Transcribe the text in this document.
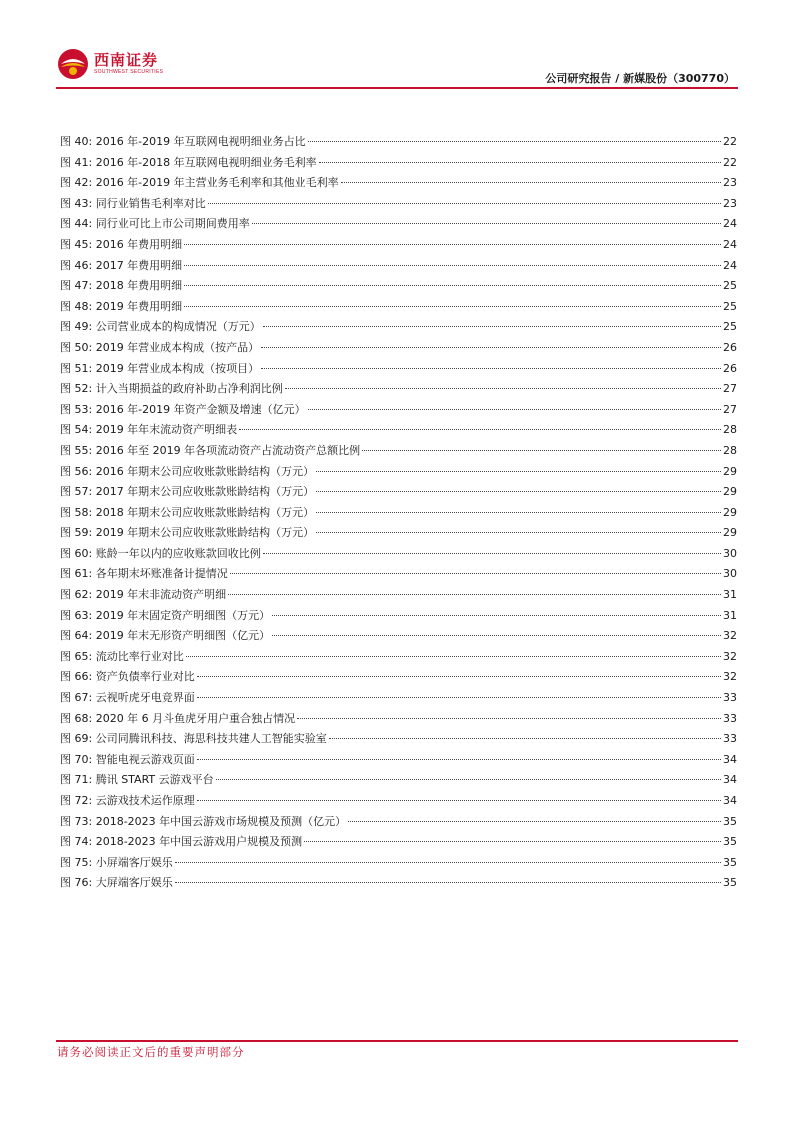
西南证券
SOUTHWEST SECURITIES	公司研究报告 / 新媒股份（300770）
图 40: 2016 年-2019 年互联网电视明细业务占比	22
图 41: 2016 年-2018 年互联网电视明细业务毛利率	22
图 42: 2016 年-2019 年主营业务毛利率和其他业毛利率	23
图 43: 同行业销售毛利率对比	23
图 44: 同行业可比上市公司期间费用率	24
图 45: 2016 年费用明细	24
图 46: 2017 年费用明细	24
图 47: 2018 年费用明细	25
图 48: 2019 年费用明细	25
图 49: 公司营业成本的构成情况（万元）	25
图 50: 2019 年营业成本构成（按产品）	26
图 51: 2019 年营业成本构成（按项目）	26
图 52: 计入当期损益的政府补助占净利润比例	27
图 53: 2016 年-2019 年资产金额及增速（亿元）	27
图 54: 2019 年年末流动资产明细表	28
图 55: 2016 年至 2019 年各项流动资产占流动资产总额比例	28
图 56: 2016 年期末公司应收账款账龄结构（万元）	29
图 57: 2017 年期末公司应收账款账龄结构（万元）	29
图 58: 2018 年期末公司应收账款账龄结构（万元）	29
图 59: 2019 年期末公司应收账款账龄结构（万元）	29
图 60: 账龄一年以内的应收账款回收比例	30
图 61: 各年期末坏账准备计提情况	30
图 62: 2019 年末非流动资产明细	31
图 63: 2019 年末固定资产明细图（万元）	31
图 64: 2019 年末无形资产明细图（亿元）	32
图 65: 流动比率行业对比	32
图 66: 资产负债率行业对比	32
图 67: 云视听虎牙电竞界面	33
图 68: 2020 年 6 月斗鱼虎牙用户重合独占情况	33
图 69: 公司同腾讯科技、海思科技共建人工智能实验室	33
图 70: 智能电视云游戏页面	34
图 71: 腾讯 START 云游戏平台	34
图 72: 云游戏技术运作原理	34
图 73: 2018-2023 年中国云游戏市场规模及预测（亿元）	35
图 74: 2018-2023 年中国云游戏用户规模及预测	35
图 75: 小屏端客厅娱乐	35
图 76: 大屏端客厅娱乐	35
请务必阅读正文后的重要声明部分
